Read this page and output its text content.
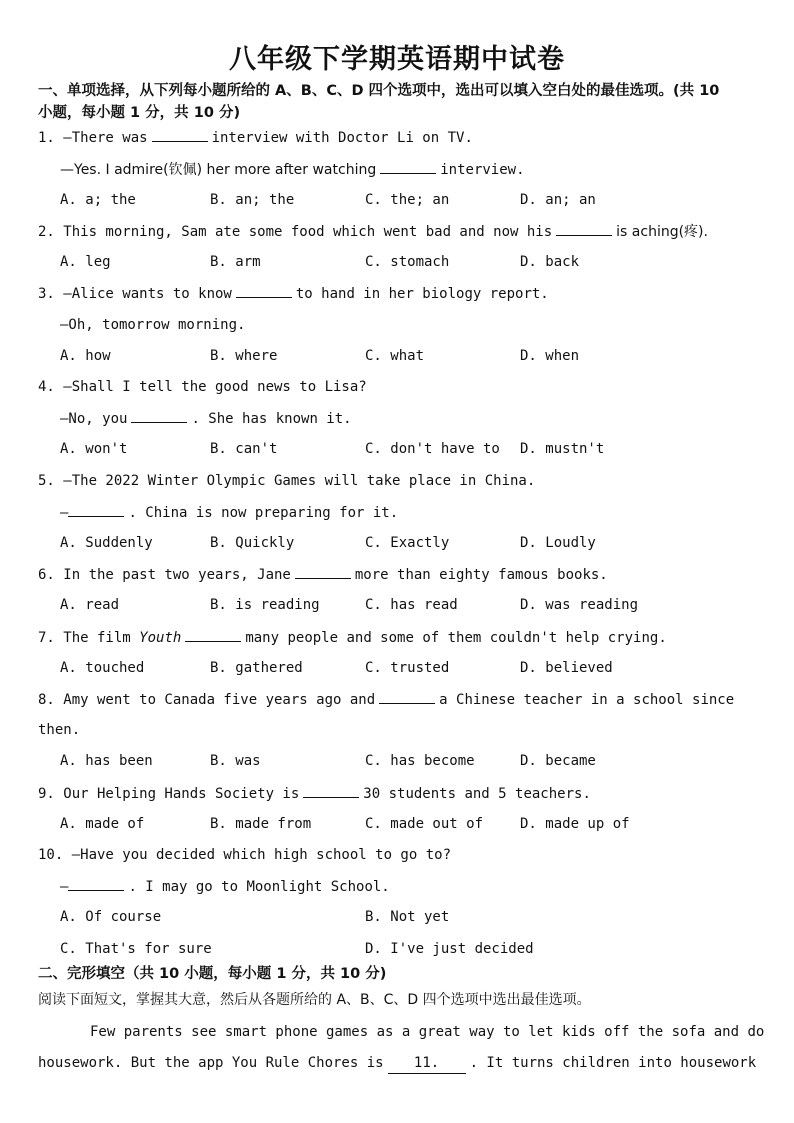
八年级下学期英语期中试卷
一、单项选择，从下列每小题所给的 A、B、C、D 四个选项中，选出可以填入空白处的最佳选项。(共 10
小题，每小题 1 分，共 10 分)
1. —There was	interview with Doctor Li on TV.
—Yes. I admire(钦佩) her more after watching	interview.
A. a; the	B. an; the	C. the; an	D. an; an
2. This morning, Sam ate some food which went bad and now his	is aching(疼).
A. leg	B. arm	C. stomach	D. back
3. —Alice wants to know	to hand in her biology report.
—Oh, tomorrow morning.
A. how	B. where	C. what	D. when
4. —Shall I tell the good news to Lisa?
—No, you	. She has known it.
A. won't	B. can't	C. don't have to D. mustn't
5. —The 2022 Winter Olympic Games will take place in China.
—	. China is now preparing for it.
A. Suddenly	B. Quickly	C. Exactly	D. Loudly
6. In the past two years, Jane	more than eighty famous books.
A. read	B. is reading	C. has read	D. was reading
7. The film Youth	many people and some of them couldn't help crying.
A. touched	B. gathered	C. trusted	D. believed
8. Amy went to Canada five years ago and	a Chinese teacher in a school since
then.
A. has been	B. was	C. has become	D. became
9. Our Helping Hands Society is	30 students and 5 teachers.
A. made of	B. made from	C. made out of	D. made up of
10. —Have you decided which high school to go to?
—	. I may go to Moonlight School.
A. Of course	B. Not yet
C. That's for sure	D. I've just decided
二、完形填空（共 10 小题，每小题 1 分，共 10 分)
阅读下面短文，掌握其大意，然后从各题所给的 A、B、C、D 四个选项中选出最佳选项。
Few parents see smart phone games as a great way to let kids off the sofa and do
housework. But the app You Rule Chores is 11. . It turns children into housework
